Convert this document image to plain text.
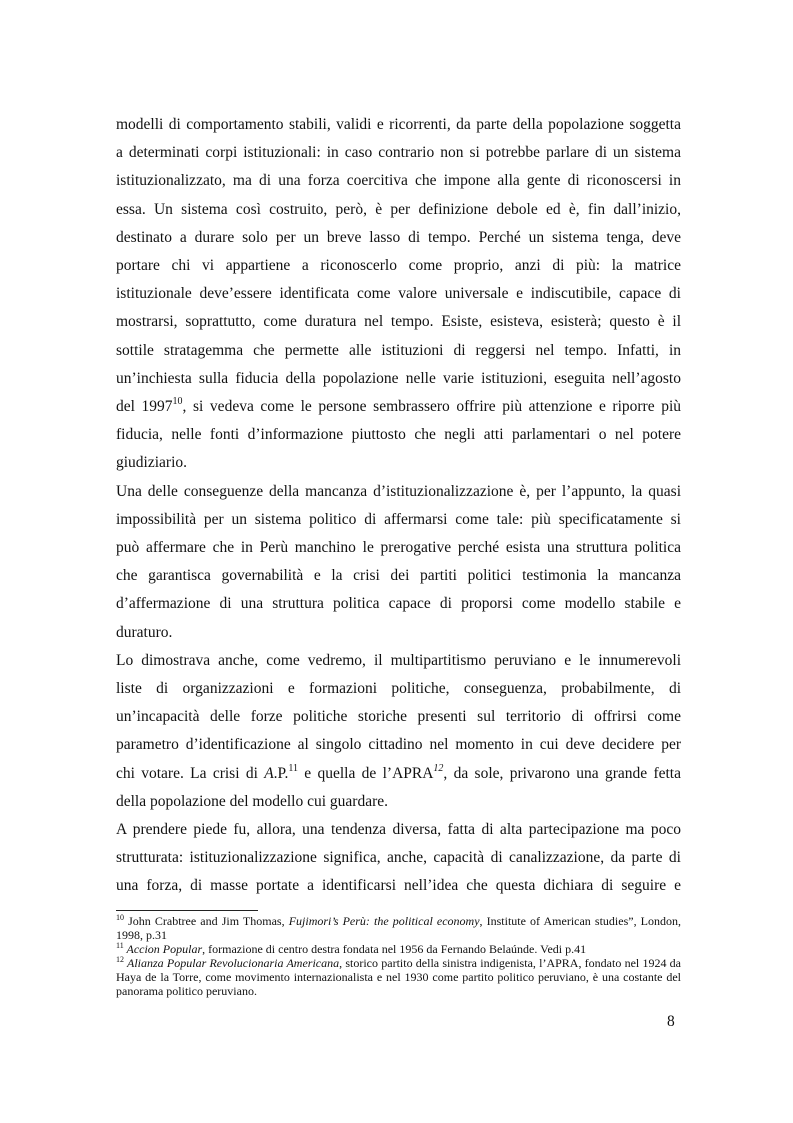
modelli di comportamento stabili, validi e ricorrenti, da parte della popolazione soggetta
a determinati corpi istituzionali: in caso contrario non si potrebbe parlare di un sistema
istituzionalizzato, ma di una forza coercitiva che impone alla gente di riconoscersi in
essa. Un sistema così costruito, però, è per definizione debole ed è, fin dall’inizio,
destinato a durare solo per un breve lasso di tempo. Perché un sistema tenga, deve
portare chi vi appartiene a riconoscerlo come proprio, anzi di più: la matrice
istituzionale deve’essere identificata come valore universale e indiscutibile, capace di
mostrarsi, soprattutto, come duratura nel tempo. Esiste, esisteva, esisterà; questo è il
sottile stratagemma che permette alle istituzioni di reggersi nel tempo. Infatti, in
un’inchiesta sulla fiducia della popolazione nelle varie istituzioni, eseguita nell’agosto
del 1997$^{10}$, si vedeva come le persone sembrassero offrire più attenzione e riporre più
fiducia, nelle fonti d’informazione piuttosto che negli atti parlamentari o nel potere
giudiziario.
Una delle conseguenze della mancanza d’istituzionalizzazione è, per l’appunto, la quasi
impossibilità per un sistema politico di affermarsi come tale: più specificatamente si
può affermare che in Perù manchino le prerogative perché esista una struttura politica
che garantisca governabilità e la crisi dei partiti politici testimonia la mancanza
d’affermazione di una struttura politica capace di proporsi come modello stabile e
duraturo.
Lo dimostrava anche, come vedremo, il multipartitismo peruviano e le innumerevoli
liste di organizzazioni e formazioni politiche, conseguenza, probabilmente, di
un’incapacità delle forze politiche storiche presenti sul territorio di offrirsi come
parametro d’identificazione al singolo cittadino nel momento in cui deve decidere per
chi votare. La crisi di A.P.$^{11}$ e quella de l’APRA$^{12}$, da sole, privarono una grande fetta
della popolazione del modello cui guardare.
A prendere piede fu, allora, una tendenza diversa, fatta di alta partecipazione ma poco
strutturata: istituzionalizzazione significa, anche, capacità di canalizzazione, da parte di
una forza, di masse portate a identificarsi nell’idea che questa dichiara di seguire e

$^{10}$ John Crabtree and Jim Thomas, Fujimori’s Perù: the political economy, Institute of American studies”, London, 1998, p.31

$^{11}$ Accion Popular, formazione di centro destra fondata nel 1956 da Fernando Belaúnde. Vedi p.41

$^{12}$ Alianza Popular Revolucionaria Americana, storico partito della sinistra indigenista, l’APRA, fondato nel 1924 da Haya de la Torre, come movimento internazionalista e nel 1930 come partito politico peruviano, è una costante del panorama politico peruviano.

8
